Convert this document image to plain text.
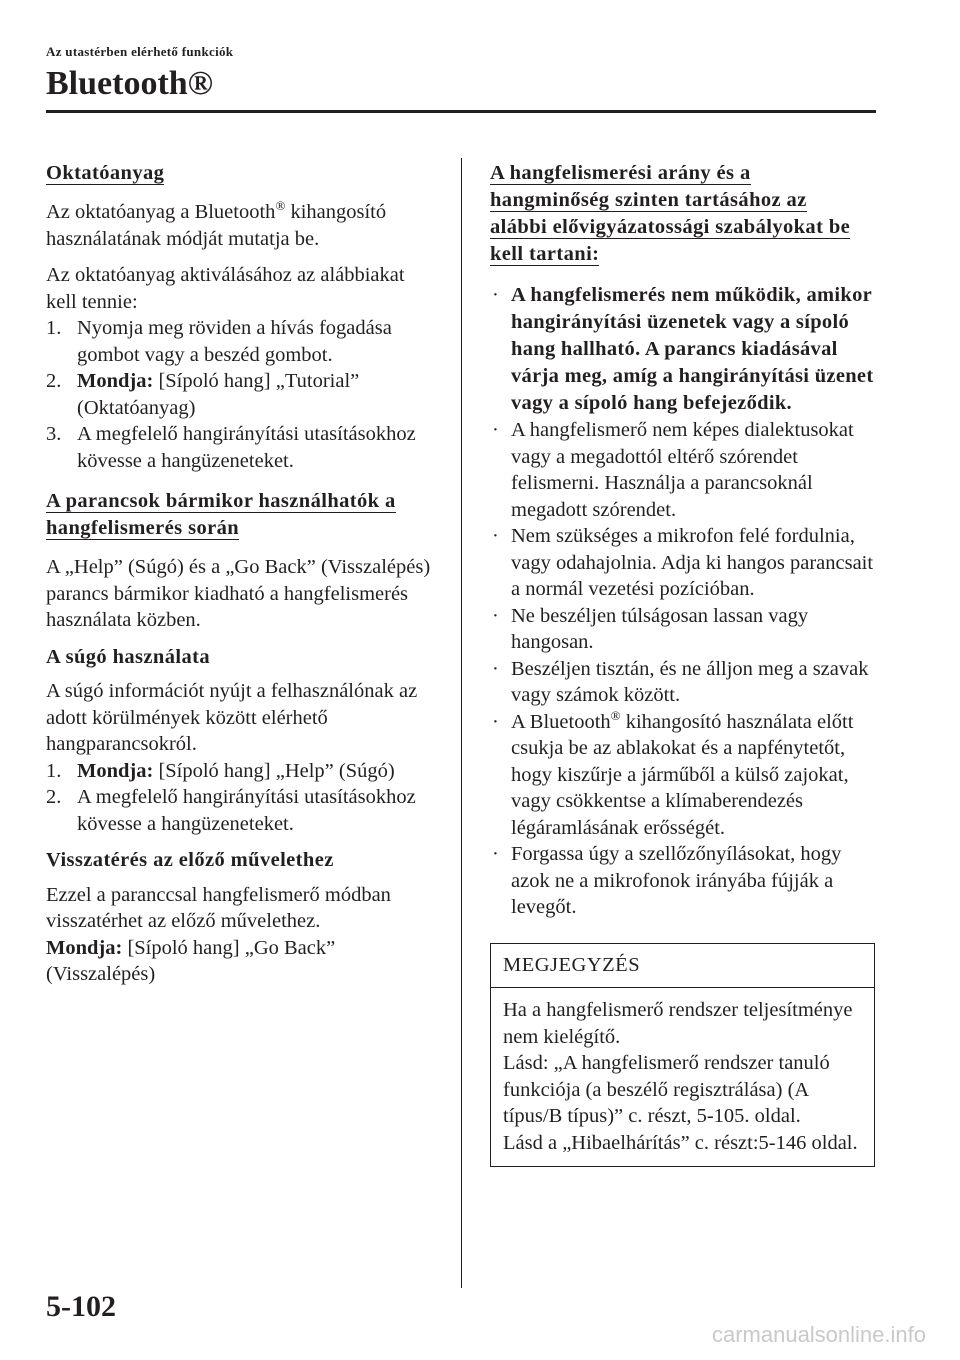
Az utastérben elérhető funkciók
Bluetooth®
Oktatóanyag

Az oktatóanyag a Bluetooth® kihangosító használatának módját mutatja be.

Az oktatóanyag aktiválásához az alábbiakat kell tennie:

1. Nyomja meg röviden a hívás fogadása gombot vagy a beszéd gombot.
2. Mondja: [Sípoló hang] „Tutorial” (Oktatóanyag)
3. A megfelelő hangirányítási utasításokhoz kövesse a hangüzeneteket.
A parancsok bármikor használhatók a
hangfelismerés során

A „Help” (Súgó) és a „Go Back” (Visszalépés) parancs bármikor kiadható a hangfelismerés használata közben.

A súgó használata

A súgó információt nyújt a felhasználónak az adott körülmények között elérhető hangparancsokról.

1. Mondja: [Sípoló hang] „Help” (Súgó)
2. A megfelelő hangirányítási utasításokhoz kövesse a hangüzeneteket.
Visszatérés az előző művelethez

Ezzel a paranccsal hangfelismerő módban visszatérhet az előző művelethez.

Mondja: [Sípoló hang] „Go Back” (Visszalépés)

A hangfelismerési arány és a
hangminőség szinten tartásához az
alábbi elővigyázatossági szabályokat be
kell tartani:
· A hangfelismerés nem működik, amikor hangirányítási üzenetek vagy a sípoló hang hallható. A parancs kiadásával várja meg, amíg a hangirányítási üzenet vagy a sípoló hang befejeződik.
· A hangfelismerő nem képes dialektusokat vagy a megadottól eltérő szórendet felismerni. Használja a parancsoknál megadott szórendet.
· Nem szükséges a mikrofon felé fordulnia, vagy odahajolnia. Adja ki hangos parancsait a normál vezetési pozícióban.
· Ne beszéljen túlságosan lassan vagy hangosan.
· Beszéljen tisztán, és ne álljon meg a szavak vagy számok között.
· A Bluetooth® kihangosító használata előtt csukja be az ablakokat és a napfénytetőt, hogy kiszűrje a járműből a külső zajokat, vagy csökkentse a klímaberendezés légáramlásának erősségét.
· Forgassa úgy a szellőzőnyílásokat, hogy azok ne a mikrofonok irányába fújják a levegőt.
MEGJEGYZÉS
Ha a hangfelismerő rendszer teljesítménye nem kielégítő.
Lásd: „A hangfelismerő rendszer tanuló funkciója (a beszélő regisztrálása) (A típus/B típus)” c. részt, 5-105. oldal.
Lásd a „Hibaelhárítás” c. részt:5-146 oldal.
5-102
carmanualsonline.info
